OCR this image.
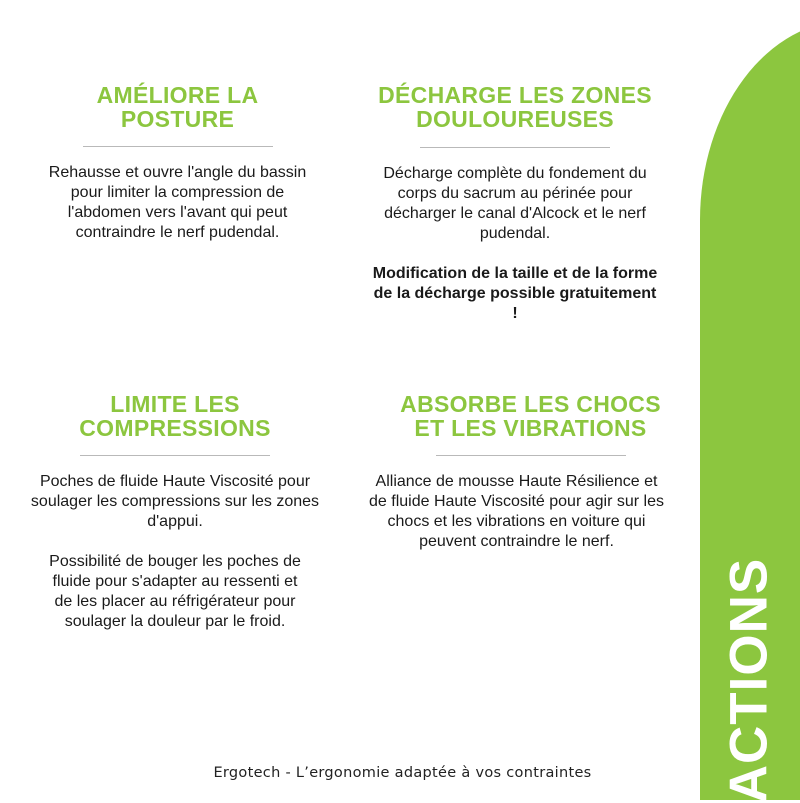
ACTIONS
AMÉLIORE LA
POSTURE

Rehausse et ouvre l'angle du bassin pour limiter la compression de l'abdomen vers l'avant qui peut contraindre le nerf pudendal.

DÉCHARGE LES ZONES
DOULOUREUSES

Décharge complète du fondement du corps du sacrum au périnée pour décharger le canal d'Alcock et le nerf pudendal.

Modification de la taille et de la forme de la décharge possible gratuitement !

LIMITE LES
COMPRESSIONS

Poches de fluide Haute Viscosité pour soulager les compressions sur les zones d'appui.

Possibilité de bouger les poches de fluide pour s'adapter au ressenti et de les placer au réfrigérateur pour soulager la douleur par le froid.

ABSORBE LES CHOCS
ET LES VIBRATIONS

Alliance de mousse Haute Résilience et de fluide Haute Viscosité pour agir sur les chocs et les vibrations en voiture qui peuvent contraindre le nerf.

Ergotech - L’ergonomie adaptée à vos contraintes
